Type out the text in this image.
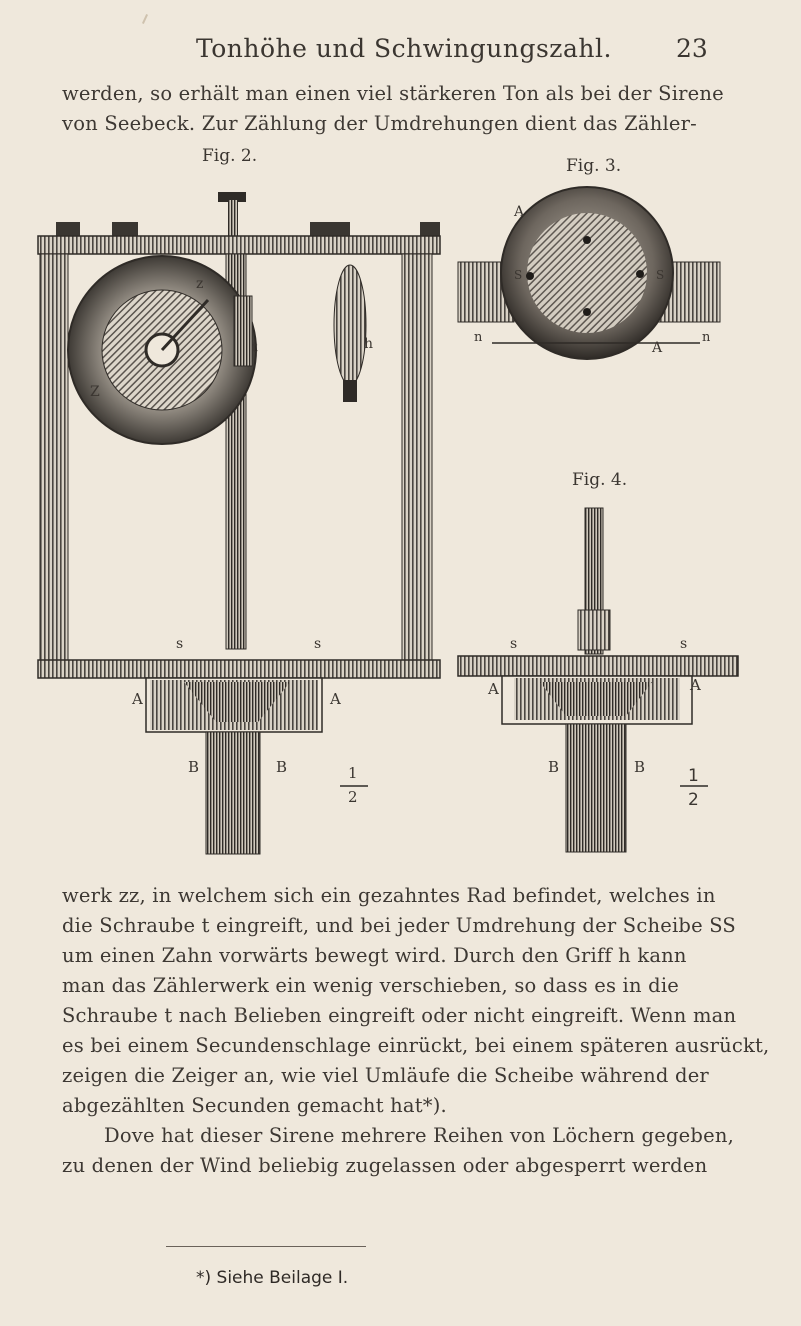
Tonhöhe und Schwingungszahl.	23
werden, so erhält man einen viel stärkeren Ton als bei der Sirene
von Seebeck. Zur Zählung der Umdrehungen dient das Zähler-
Fig. 2.	Fig. 3.
Fig. 4.
z
Z
t	h
s	s
A	A
B	B	1
2
A
A
S	S
n	n
s	s
A	A
B	B	1
2
werk zz, in welchem sich ein gezahntes Rad befindet, welches in
die Schraube t eingreift, und bei jeder Umdrehung der Scheibe SS
um einen Zahn vorwärts bewegt wird. Durch den Griff h kann
man das Zählerwerk ein wenig verschieben, so dass es in die
Schraube t nach Belieben eingreift oder nicht eingreift. Wenn man
es bei einem Secundenschlage einrückt, bei einem späteren ausrückt,
zeigen die Zeiger an, wie viel Umläufe die Scheibe während der
abgezählten Secunden gemacht hat*).
Dove hat dieser Sirene mehrere Reihen von Löchern gegeben,
zu denen der Wind beliebig zugelassen oder abgesperrt werden
*) Siehe Beilage I.
